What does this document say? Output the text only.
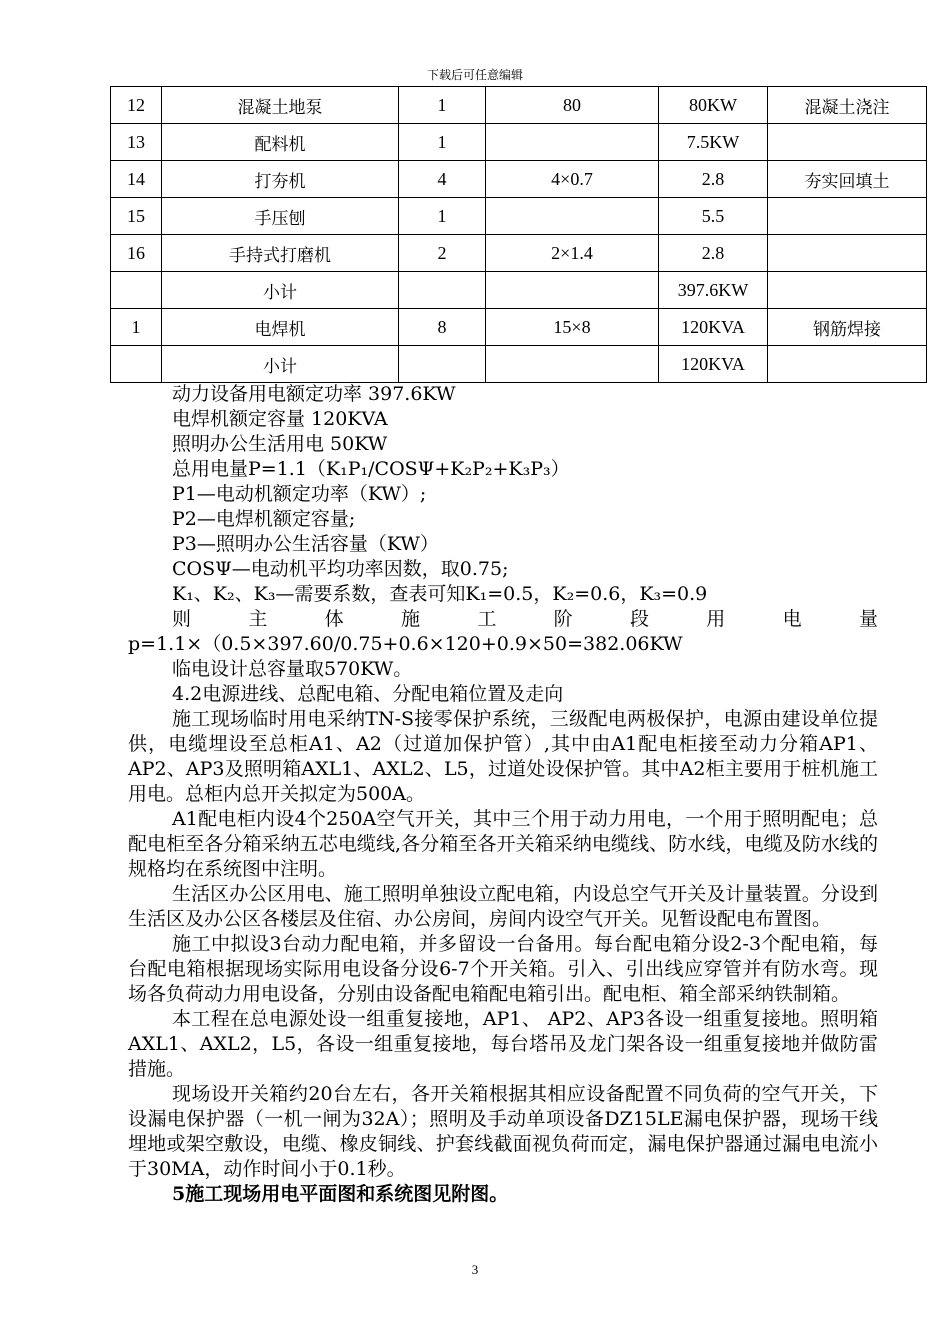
下载后可任意编辑
12	混凝土地泵	1	80	80KW	混凝土浇注
13	配料机	1		7.5KW	
14	打夯机	4	4×0.7	2.8	夯实回填土
15	手压刨	1		5.5	
16	手持式打磨机	2	2×1.4	2.8	
	小计			397.6KW	
1	电焊机	8	15×8	120KVA	钢筋焊接
	小计			120KVA	
动力设备用电额定功率 397.6KW
电焊机额定容量 120KVA
照明办公生活用电 50KW
总用电量P=1.1（K₁P₁/COSΨ+K₂P₂+K₃P₃）
P1—电动机额定功率（KW）;
P2—电焊机额定容量;
P3—照明办公生活容量（KW）
COSΨ—电动机平均功率因数，取0.75;
K₁、K₂、K₃—需要系数，查表可知K₁=0.5，K₂=0.6，K₃=0.9
则	主	体	施	工	阶	段	用	电	量
p=1.1×（0.5×397.60/0.75+0.6×120+0.9×50=382.06KW
临电设计总容量取570KW。
4.2电源进线、总配电箱、分配电箱位置及走向
施工现场临时用电采纳TN-S接零保护系统，三级配电两极保护，电源由建设单位提供，电缆埋设至总柜A1、A2（过道加保护管）,其中由A1配电柜接至动力分箱AP1、AP2、AP3及照明箱AXL1、AXL2、L5，过道处设保护管。其中A2柜主要用于桩机施工用电。总柜内总开关拟定为500A。
A1配电柜内设4个250A空气开关，其中三个用于动力用电，一个用于照明配电；总配电柜至各分箱采纳五芯电缆线,各分箱至各开关箱采纳电缆线、防水线，电缆及防水线的规格均在系统图中注明。
生活区办公区用电、施工照明单独设立配电箱，内设总空气开关及计量装置。分设到生活区及办公区各楼层及住宿、办公房间，房间内设空气开关。见暂设配电布置图。
施工中拟设3台动力配电箱，并多留设一台备用。每台配电箱分设2-3个配电箱，每台配电箱根据现场实际用电设备分设6-7个开关箱。引入、引出线应穿管并有防水弯。现场各负荷动力用电设备，分别由设备配电箱配电箱引出。配电柜、箱全部采纳铁制箱。
本工程在总电源处设一组重复接地，AP1、 AP2、AP3各设一组重复接地。照明箱AXL1、AXL2，L5，各设一组重复接地，每台塔吊及龙门架各设一组重复接地并做防雷措施。
现场设开关箱约20台左右，各开关箱根据其相应设备配置不同负荷的空气开关，下设漏电保护器（一机一闸为32A）；照明及手动单项设备DZ15LE漏电保护器，现场干线埋地或架空敷设，电缆、橡皮铜线、护套线截面视负荷而定，漏电保护器通过漏电电流小于30MA，动作时间小于0.1秒。
5施工现场用电平面图和系统图见附图。
3
